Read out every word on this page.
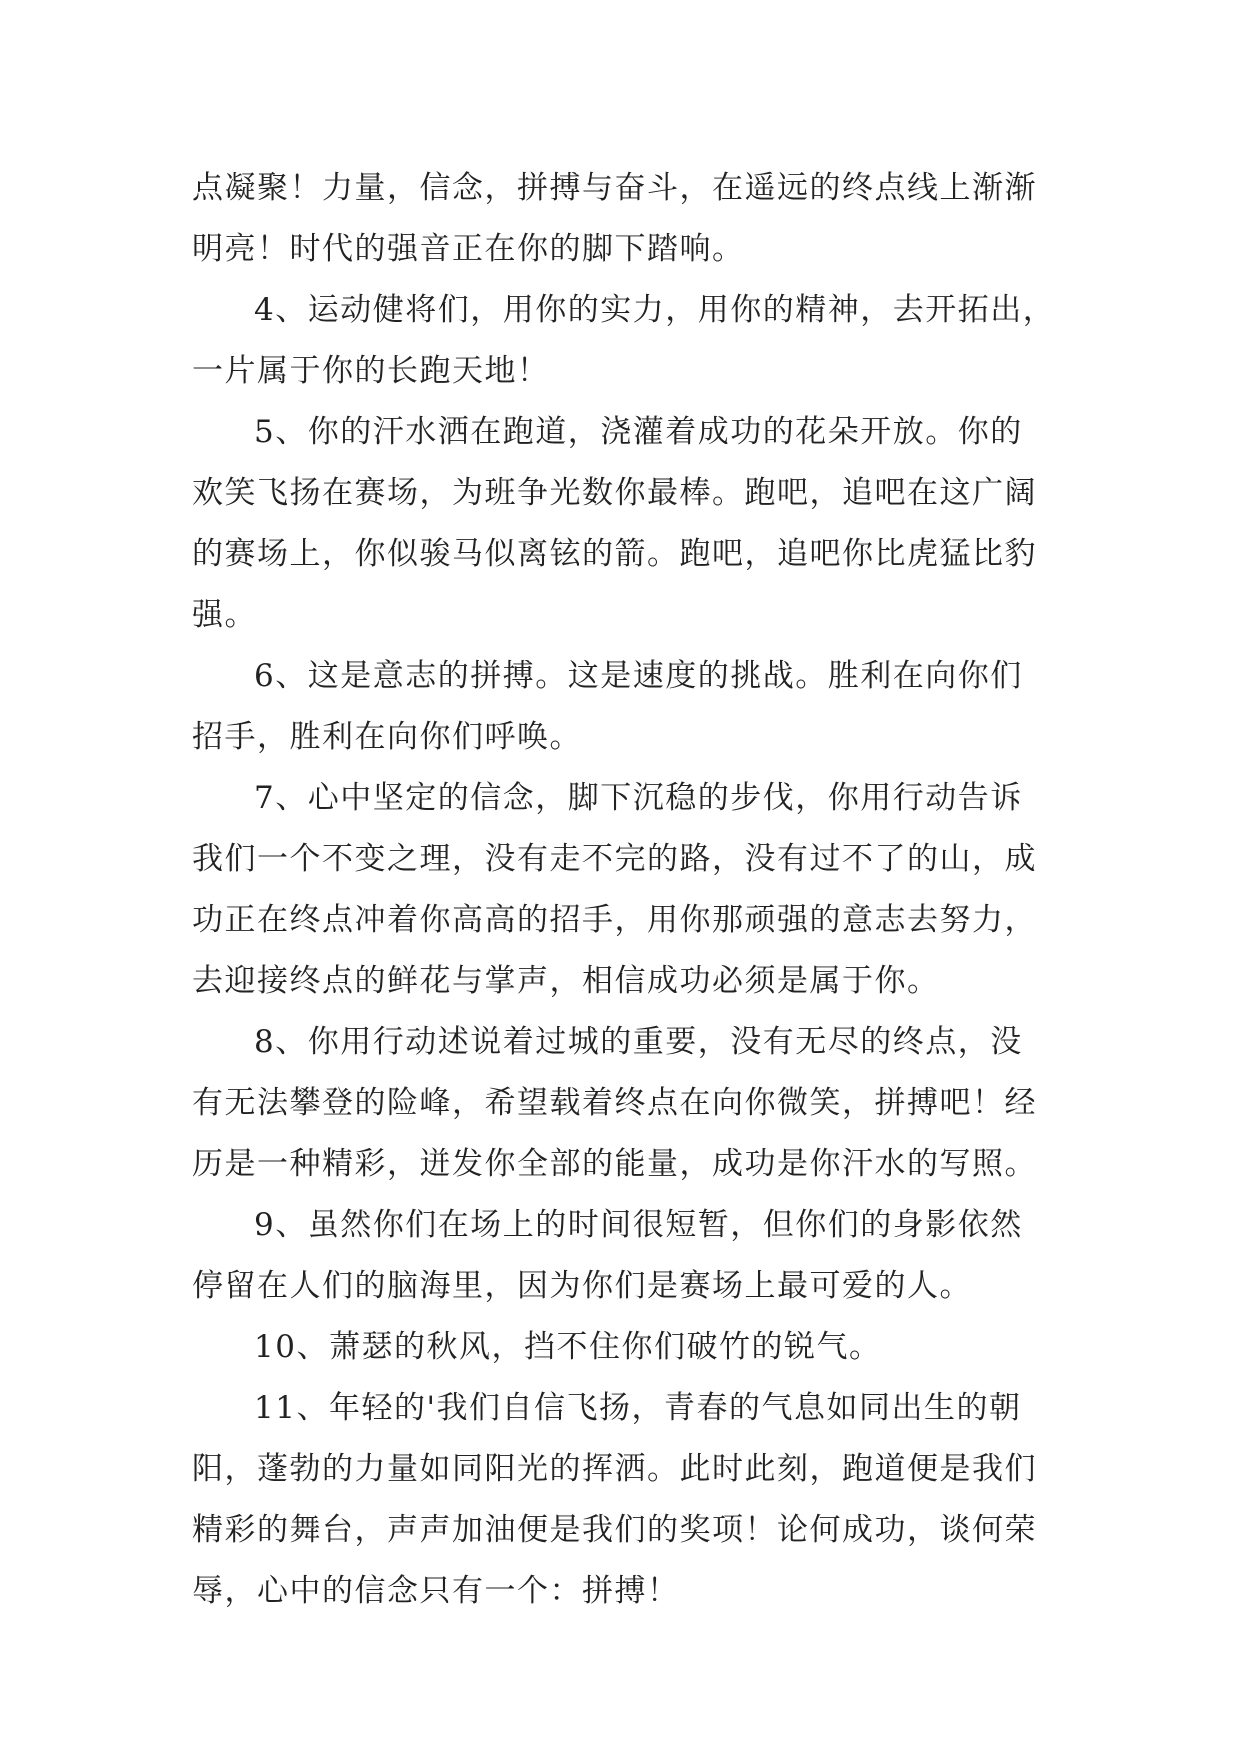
点凝聚！力量，信念，拼搏与奋斗，在遥远的终点线上渐渐
明亮！时代的强音正在你的脚下踏响。
4、运动健将们，用你的实力，用你的精神，去开拓出，
一片属于你的长跑天地！
5、你的汗水洒在跑道，浇灌着成功的花朵开放。你的
欢笑飞扬在赛场，为班争光数你最棒。跑吧，追吧在这广阔
的赛场上，你似骏马似离铉的箭。跑吧，追吧你比虎猛比豹
强。
6、这是意志的拼搏。这是速度的挑战。胜利在向你们
招手，胜利在向你们呼唤。
7、心中坚定的信念，脚下沉稳的步伐，你用行动告诉
我们一个不变之理，没有走不完的路，没有过不了的山，成
功正在终点冲着你高高的招手，用你那顽强的意志去努力，
去迎接终点的鲜花与掌声，相信成功必须是属于你。
8、你用行动述说着过城的重要，没有无尽的终点，没
有无法攀登的险峰，希望载着终点在向你微笑，拼搏吧！经
历是一种精彩，迸发你全部的能量，成功是你汗水的写照。
9、虽然你们在场上的时间很短暂，但你们的身影依然
停留在人们的脑海里，因为你们是赛场上最可爱的人。
10、萧瑟的秋风，挡不住你们破竹的锐气。
11、年轻的'我们自信飞扬，青春的气息如同出生的朝
阳，蓬勃的力量如同阳光的挥洒。此时此刻，跑道便是我们
精彩的舞台，声声加油便是我们的奖项！论何成功，谈何荣
辱，心中的信念只有一个：拼搏！
